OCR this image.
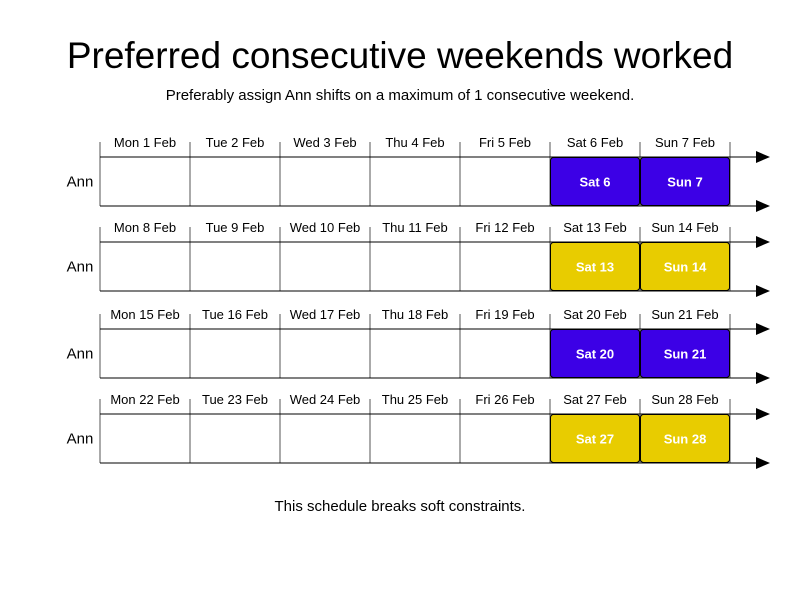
Preferred consecutive weekends worked
Preferably assign Ann shifts on a maximum of 1 consecutive weekend.
Mon 1 Feb Tue 2 Feb Wed 3 Feb Thu 4 Feb	Fri 5 Feb	Sat 6 Feb Sun 7 Feb
Sat 6	Sun 7
Ann
Mon 8 Feb Tue 9 Feb Wed 10 Feb Thu 11 Feb Fri 12 Feb Sat 13 Feb Sun 14 Feb
Sat 13	Sun 14
Ann
Mon 15 Feb Tue 16 Feb Wed 17 Feb Thu 18 Feb Fri 19 Feb Sat 20 Feb Sun 21 Feb
Sat 20	Sun 21
Ann
Mon 22 Feb Tue 23 Feb Wed 24 Feb Thu 25 Feb Fri 26 Feb Sat 27 Feb Sun 28 Feb
Sat 27	Sun 28
Ann
This schedule breaks soft constraints.
